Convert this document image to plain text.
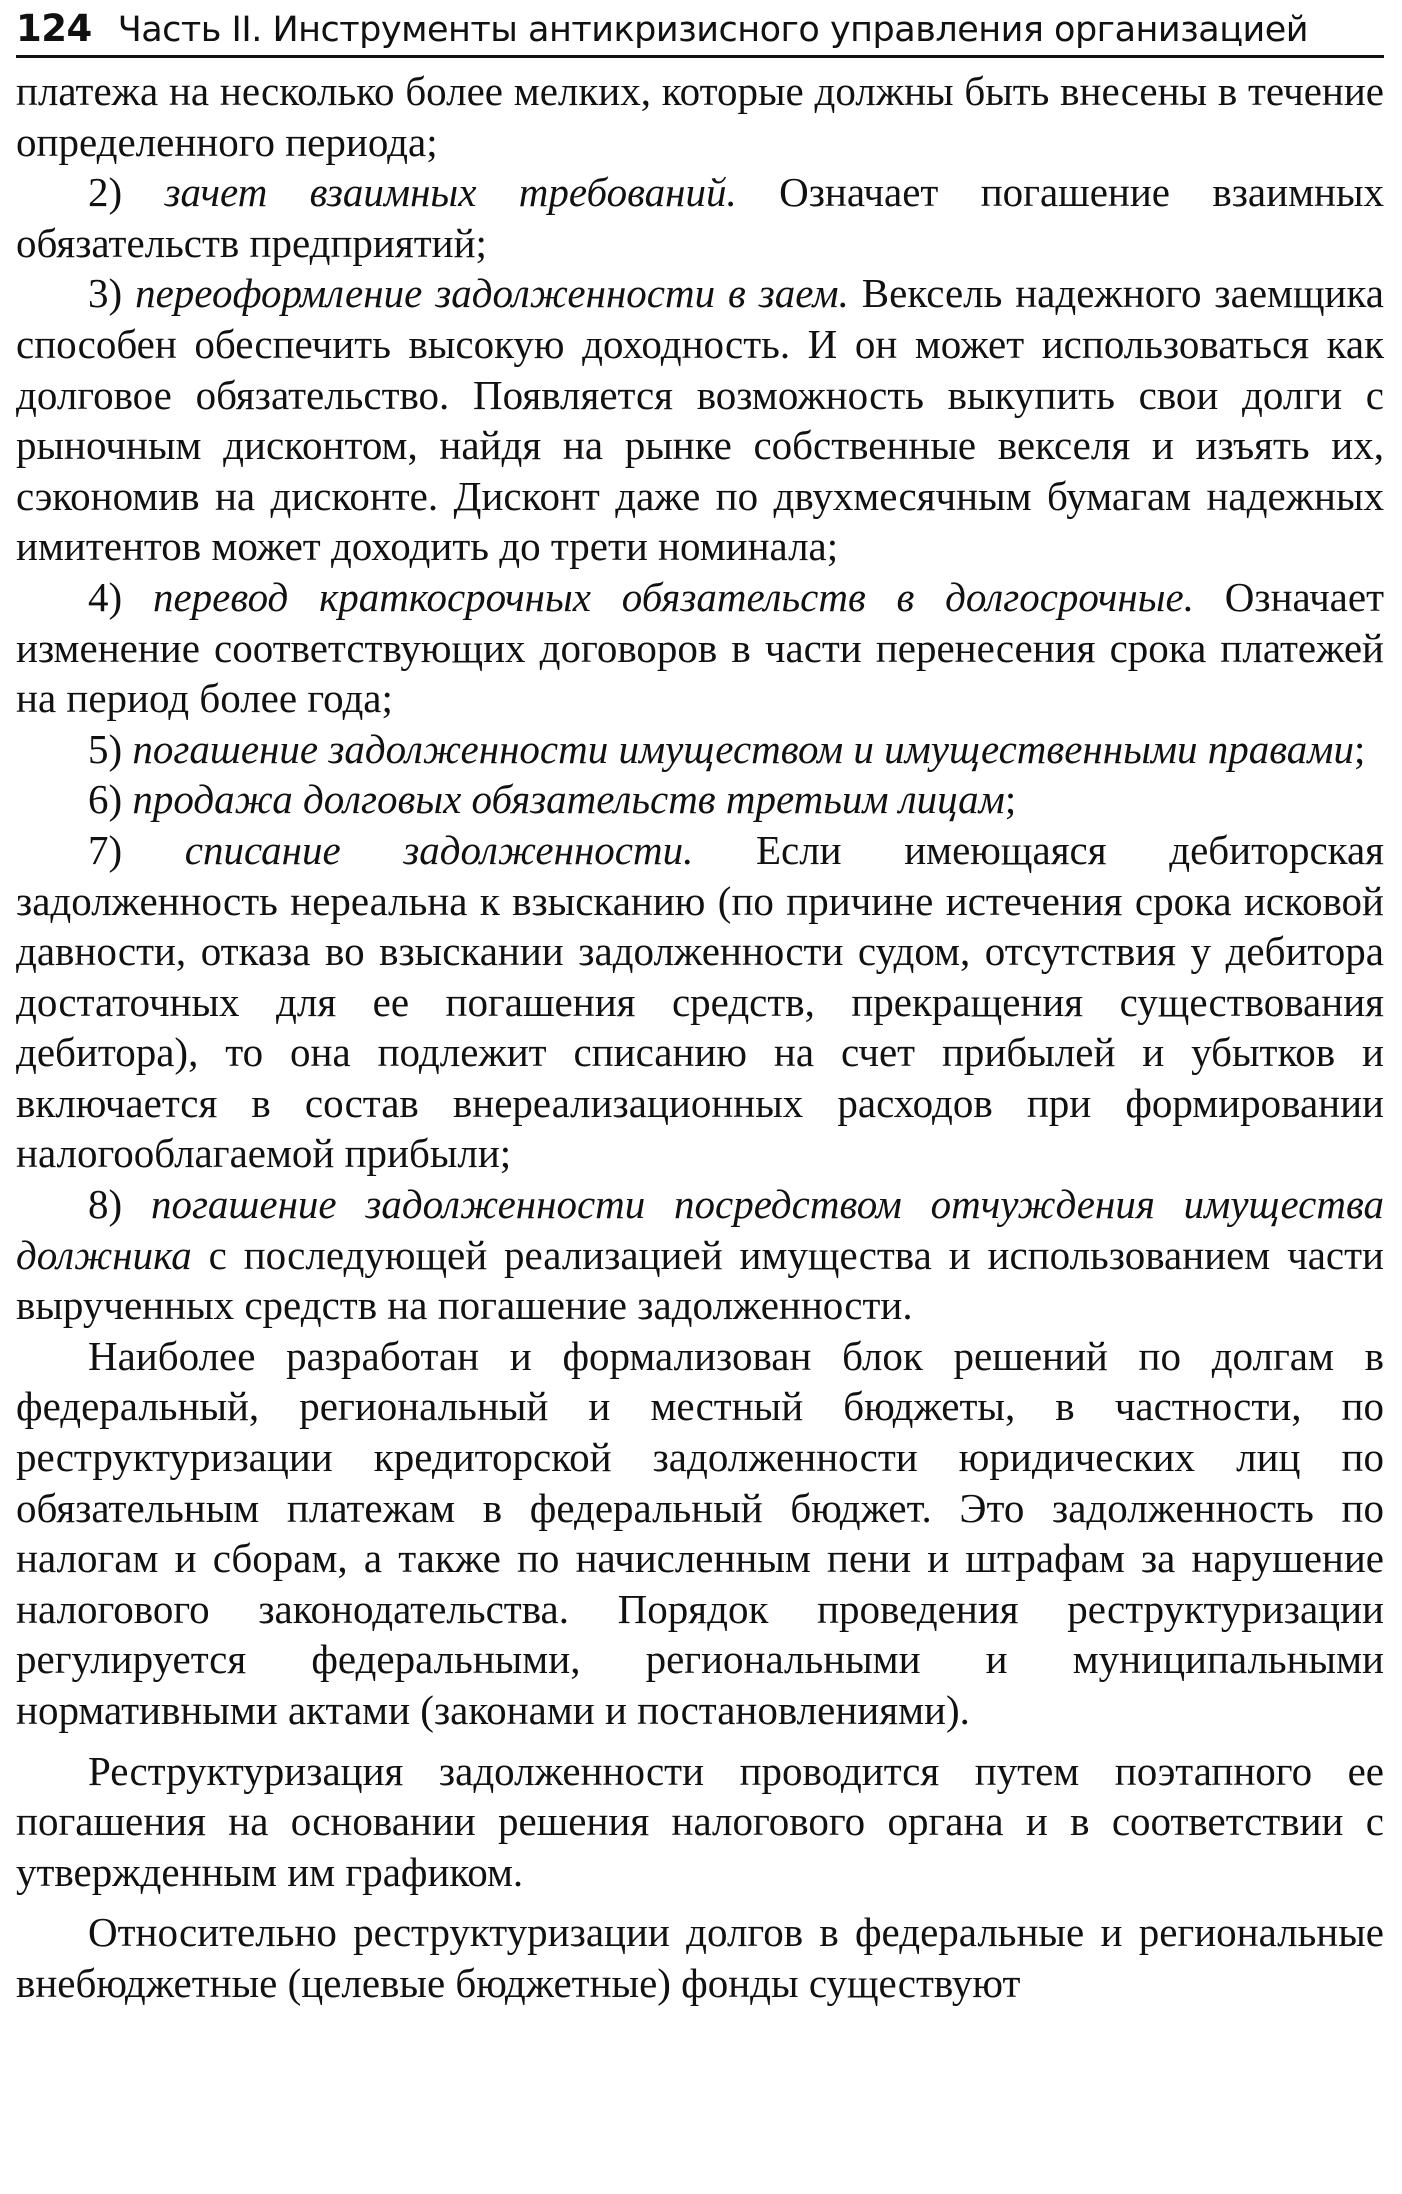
124 Часть II. Инструменты антикризисного управления организацией

платежа на несколько более мелких, которые должны быть внесены в течение определенного периода;

2) зачет взаимных требований. Означает погашение взаимных обязательств предприятий;

3) переоформление задолженности в заем. Вексель надежного заемщика способен обеспечить высокую доходность. И он может использоваться как долговое обязательство. Появляется возможность выкупить свои долги с рыночным дисконтом, найдя на рынке собственные векселя и изъять их, сэкономив на дисконте. Дисконт даже по двухмесячным бумагам надежных имитентов может доходить до трети номинала;

4) перевод краткосрочных обязательств в долгосрочные. Означает изменение соответствующих договоров в части перенесения срока платежей на период более года;

5) погашение задолженности имуществом и имущественными правами;

6) продажа долговых обязательств третьим лицам;

7) списание задолженности. Если имеющаяся дебиторская задолженность нереальна к взысканию (по причине истечения срока исковой давности, отказа во взыскании задолженности судом, отсутствия у дебитора достаточных для ее погашения средств, прекращения существования дебитора), то она подлежит списанию на счет прибылей и убытков и включается в состав внереализационных расходов при формировании налогооблагаемой прибыли;

8) погашение задолженности посредством отчуждения имущества должника с последующей реализацией имущества и использованием части вырученных средств на погашение задолженности.

Наиболее разработан и формализован блок решений по долгам в федеральный, региональный и местный бюджеты, в частности, по реструктуризации кредиторской задолженности юридических лиц по обязательным платежам в федеральный бюджет. Это задолженность по налогам и сборам, а также по начисленным пени и штрафам за нарушение налогового законодательства. Порядок проведения реструктуризации регулируется федеральными, региональными и муниципальными нормативными актами (законами и постановлениями).

Реструктуризация задолженности проводится путем поэтапного ее погашения на основании решения налогового органа и в соответствии с утвержденным им графиком.

Относительно реструктуризации долгов в федеральные и региональные внебюджетные (целевые бюджетные) фонды существуют
